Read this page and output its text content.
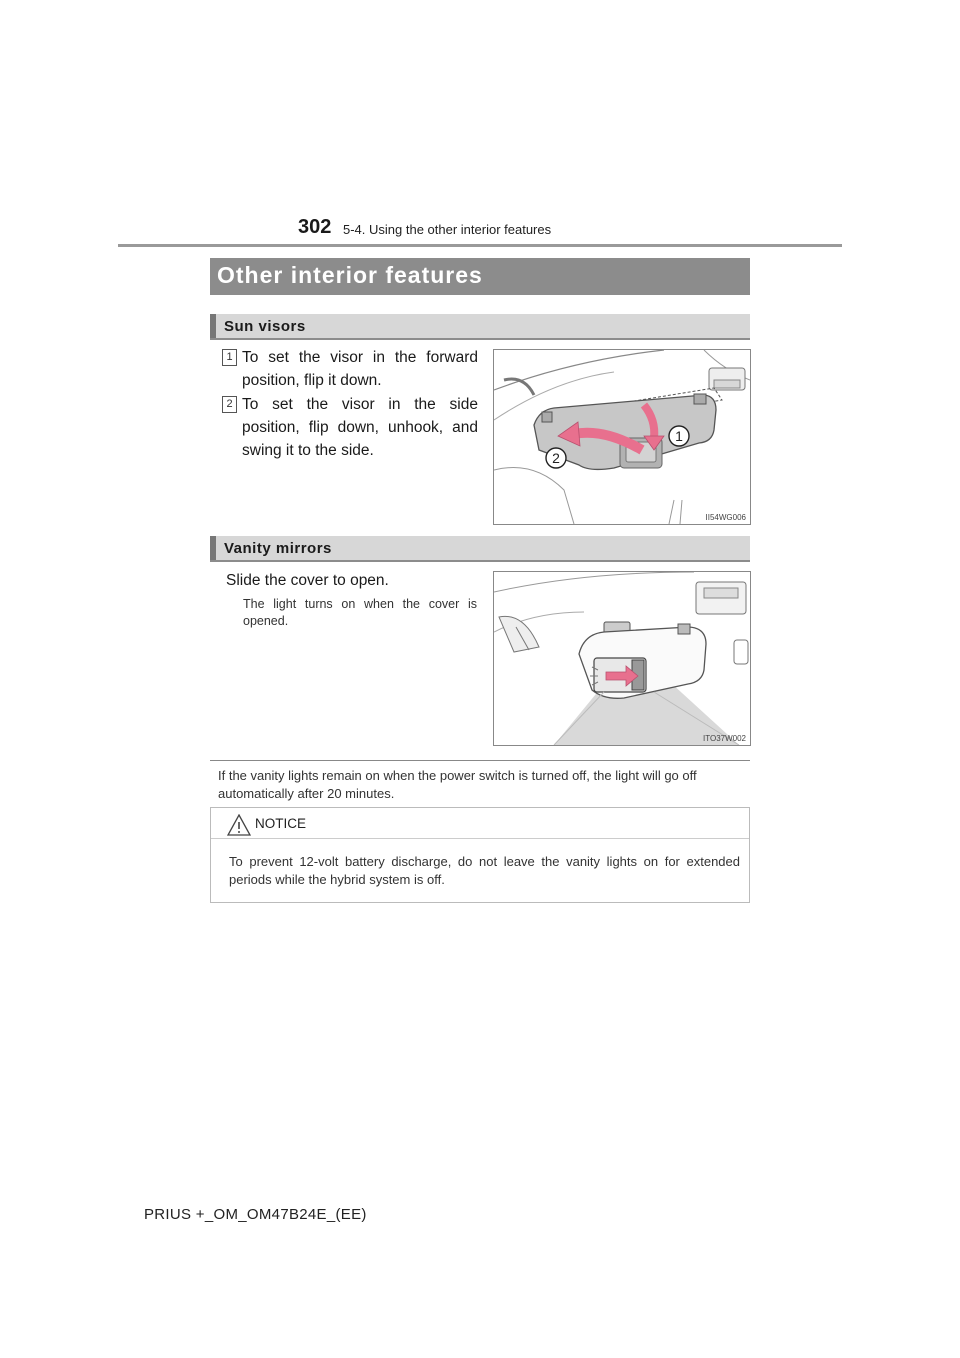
302 5-4. Using the other interior features
Other interior features
Sun visors
1 To set the visor in the forward position, flip it down.
2 To set the visor in the side position, flip down, unhook, and swing it to the side.
1
2
II54WG006
Vanity mirrors
Slide the cover to open.
The light turns on when the cover is opened.
ITO37W002
If the vanity lights remain on when the power switch is turned off, the light will go off automatically after 20 minutes.
NOTICE
To prevent 12-volt battery discharge, do not leave the vanity lights on for extended periods while the hybrid system is off.
PRIUS +_OM_OM47B24E_(EE)
